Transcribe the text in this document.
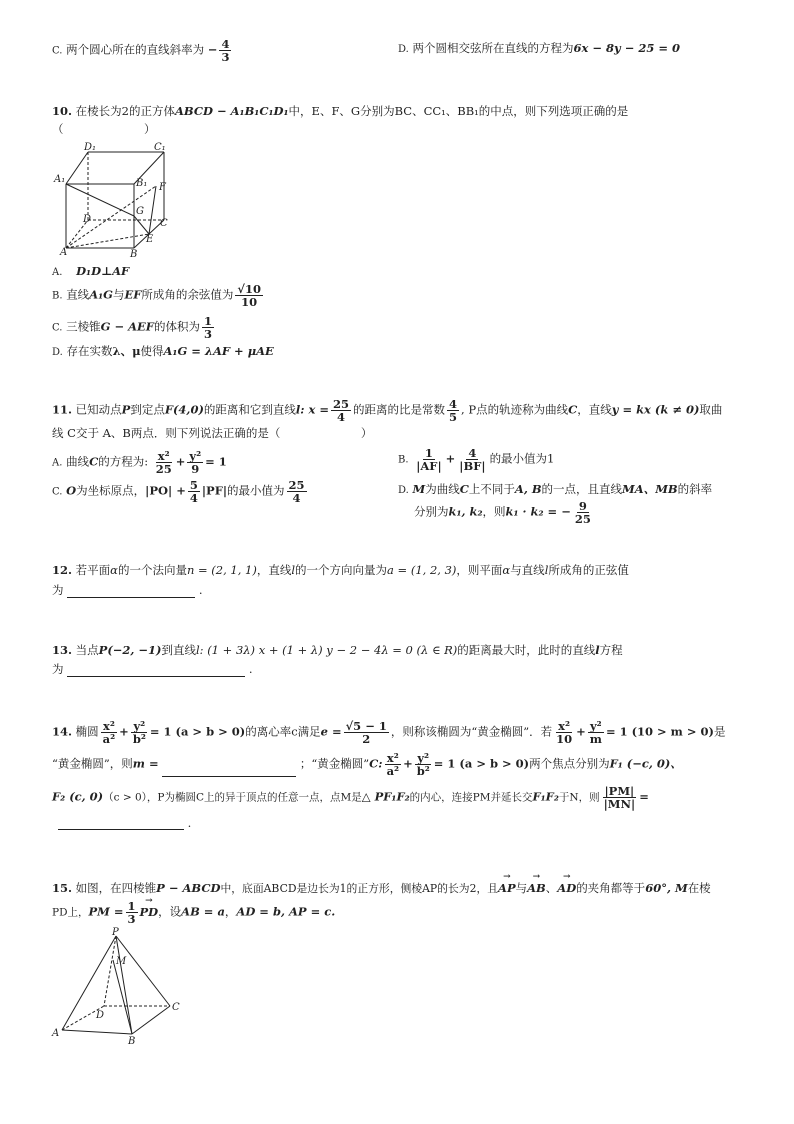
C. 两个圆心所在的直线斜率为 − $\frac{4}{3}$	D. 两个圆相交弦所在直线的方程为6x − 8y − 25 = 0
10. 在棱长为2的正方体ABCD − A₁B₁C₁D₁中，E、F、G分别为BC、CC₁、BB₁的中点，则下列选项正确的是
（　　　　　　　）
D₁	C₁
A₁	B₁ F
D
G
C
E
A	B
A. D₁D⊥AF
B. 直线A₁G与EF所成角的余弦值为 $\frac{√10}{10}$
C. 三棱锥G − AEF的体积为 $\frac{1}{3}$
D. 存在实数λ、μ使得A₁G = λAF + μAE
11. 已知动点P到定点F(4,0)的距离和它到直线l: $x = \frac{25}{4}$ 的距离的比是常数 $\frac{4}{5}$ , P点的轨迹称为曲线C，直线y = kx (k ≠ 0)取曲
线 C交于 A、B两点．则下列说法正确的是（　　　　　　　）
A. 曲线C的方程为: $\frac{\text{x²}}{25} + \frac{\text{y²}}{9} = 1$	B. $\frac{1}{|AF|} + \frac{4}{|BF|}$ 的最小值为1
C. O为坐标原点，$|PO| + \frac{5}{4} |PF|$的最小值为 $\frac{25}{4}$	D. M为曲线C上不同于A, B的一点，且直线MA、MB的斜率
分别为k₁, k₂，则k₁ · k₂ = − $\frac{9}{25}$
12. 若平面α的一个法向量n = (2, 1, 1)，直线l的一个方向向量为a = (1, 2, 3)，则平面α与直线l所成角的正弦值
为	.
13. 当点P(−2, −1)到直线l: (1 + 3λ) x + (1 + λ) y − 2 − 4λ = 0 (λ ∈ R)的距离最大时，此时的直线l方程
为	.
14. 椭圆 $\frac{\text{x²}}{\text{a²}} + \frac{\text{y²}}{\text{b²}} = 1$ (a > b > 0)的离心率c满足$e = \frac{√5 - 1}{2}$ ，则称该椭圆为“黄金椭圆”．若 $\frac{\text{x²}}{10} + \frac{\text{y²}}{m} = 1$ (10 > m > 0)是
“黄金椭圆”，则m =	；“黄金椭圆”C: $\frac{\text{x²}}{\text{a²}} + \frac{\text{y²}}{\text{b²}} = 1$ (a > b > 0)两个焦点分别为F₁ (−c, 0)、
F₂ (c, 0)（c > 0），P为椭圆C上的异于顶点的任意一点，点M是△ PF₁F₂的内心，连接PM并延长交F₁F₂于N，则 $\frac{|PM|}{|MN|}$ =
.
15. 如图，在四棱锥P − ABCD中，底面ABCD是边长为1的正方形，侧棱AP的长为2，且→ AP与→ AB、→ AD的夹角都等于60°, M在棱
PD上，PM = $\frac{1}{3}$
→ PD，设AB = a，AD = b, AP = c.
P
M
D
C
A
B
